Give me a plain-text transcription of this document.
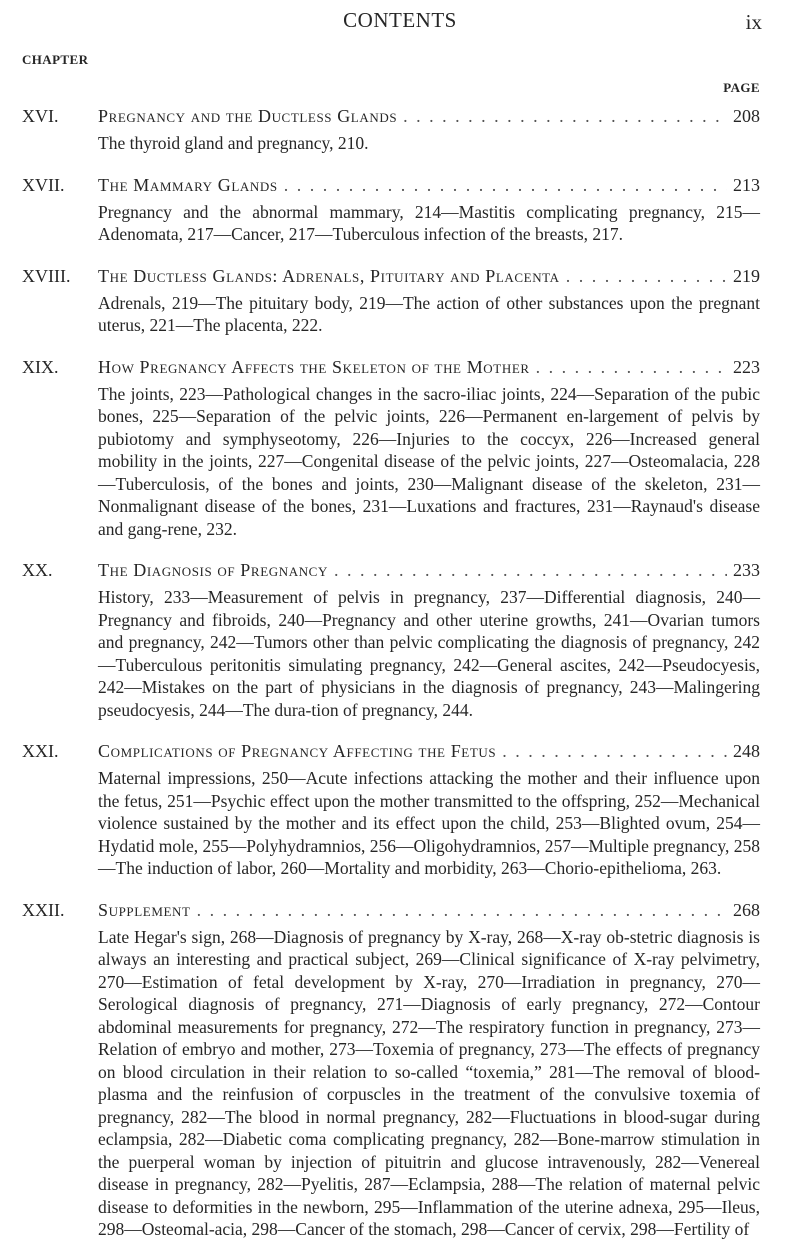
CONTENTS	ix
CHAPTER
PAGE
XVI. Pregnancy and the Ductless Glands . . .	208
The thyroid gland and pregnancy, 210.
XVII. The Mammary Glands . . .	213
Pregnancy and the abnormal mammary, 214—Mastitis complicating pregnancy, 215—Adenomata, 217—Cancer, 217—Tuberculous infection of the breasts, 217.
XVIII. The Ductless Glands: Adrenals, Pituitary and Placenta . . .	219
Adrenals, 219—The pituitary body, 219—The action of other substances upon the pregnant uterus, 221—The placenta, 222.
XIX. How Pregnancy Affects the Skeleton of the Mother . . .	223
The joints, 223—Pathological changes in the sacro-iliac joints, 224—Separation of the pubic bones, 225—Separation of the pelvic joints, 226—Permanent en-largement of pelvis by pubiotomy and symphyseotomy, 226—Injuries to the coccyx, 226—Increased general mobility in the joints, 227—Congenital disease of the pelvic joints, 227—Osteomalacia, 228—Tuberculosis, of the bones and joints, 230—Malignant disease of the skeleton, 231—Nonmalignant disease of the bones, 231—Luxations and fractures, 231—Raynaud's disease and gang-rene, 232.
XX.	The Diagnosis of Pregnancy . . .	233
History, 233—Measurement of pelvis in pregnancy, 237—Differential diagnosis, 240—Pregnancy and fibroids, 240—Pregnancy and other uterine growths, 241—Ovarian tumors and pregnancy, 242—Tumors other than pelvic complicating the diagnosis of pregnancy, 242—Tuberculous peritonitis simulating pregnancy, 242—General ascites, 242—Pseudocyesis, 242—Mistakes on the part of physicians in the diagnosis of pregnancy, 243—Malingering pseudocyesis, 244—The dura-tion of pregnancy, 244.
XXI. Complications of Pregnancy Affecting the Fetus . . .	248
Maternal impressions, 250—Acute infections attacking the mother and their influence upon the fetus, 251—Psychic effect upon the mother transmitted to the offspring, 252—Mechanical violence sustained by the mother and its effect upon the child, 253—Blighted ovum, 254—Hydatid mole, 255—Polyhydramnios, 256—Oligohydramnios, 257—Multiple pregnancy, 258—The induction of labor, 260—Mortality and morbidity, 263—Chorio-epithelioma, 263.
XXII. Supplement . . .	268
Late Hegar's sign, 268—Diagnosis of pregnancy by X-ray, 268—X-ray ob-stetric diagnosis is always an interesting and practical subject, 269—Clinical significance of X-ray pelvimetry, 270—Estimation of fetal development by X-ray, 270—Irradiation in pregnancy, 270—Serological diagnosis of pregnancy, 271—Diagnosis of early pregnancy, 272—Contour abdominal measurements for pregnancy, 272—The respiratory function in pregnancy, 273—Relation of embryo and mother, 273—Toxemia of pregnancy, 273—The effects of pregnancy on blood circulation in their relation to so-called “toxemia,” 281—The removal of blood-plasma and the reinfusion of corpuscles in the treatment of the convulsive toxemia of pregnancy, 282—The blood in normal pregnancy, 282—Fluctuations in blood-sugar during eclampsia, 282—Diabetic coma complicating pregnancy, 282—Bone-marrow stimulation in the puerperal woman by injection of pituitrin and glucose intravenously, 282—Venereal disease in pregnancy, 282—Pyelitis, 287—Eclampsia, 288—The relation of maternal pelvic disease to deformities in the newborn, 295—Inflammation of the uterine adnexa, 295—Ileus, 298—Osteomal-acia, 298—Cancer of the stomach, 298—Cancer of cervix, 298—Fertility of
